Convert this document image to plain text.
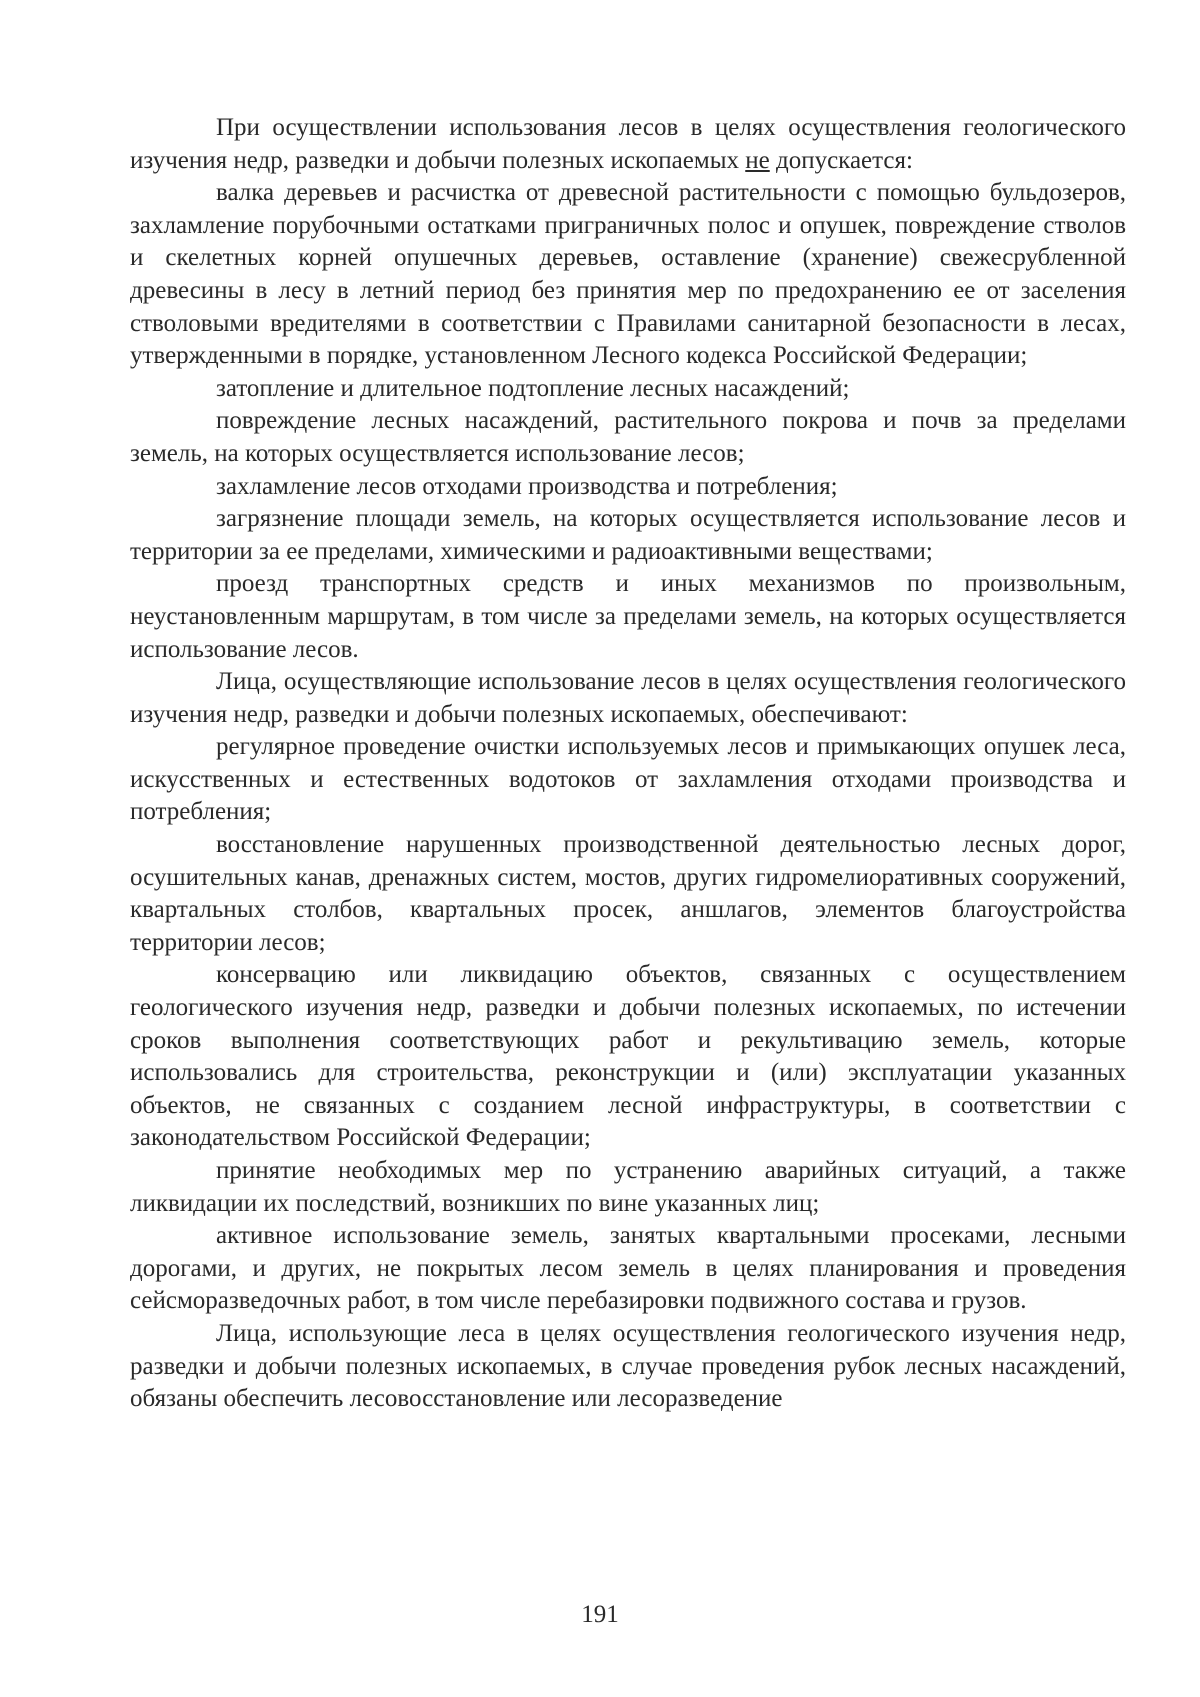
При осуществлении использования лесов в целях осуществления геологического изучения недр, разведки и добычи полезных ископаемых не допускается:

валка деревьев и расчистка от древесной растительности с помощью бульдозеров, захламление порубочными остатками приграничных полос и опушек, повреждение стволов и скелетных корней опушечных деревьев, оставление (хранение) свежесрубленной древесины в лесу в летний период без принятия мер по предохранению ее от заселения стволовыми вредителями в соответствии с Правилами санитарной безопасности в лесах, утвержденными в порядке, установленном Лесного кодекса Российской Федерации;

затопление и длительное подтопление лесных насаждений;

повреждение лесных насаждений, растительного покрова и почв за пределами земель, на которых осуществляется использование лесов;

захламление лесов отходами производства и потребления;

загрязнение площади земель, на которых осуществляется использование лесов и территории за ее пределами, химическими и радиоактивными веществами;

проезд транспортных средств и иных механизмов по произвольным, неустановленным маршрутам, в том числе за пределами земель, на которых осуществляется использование лесов.

Лица, осуществляющие использование лесов в целях осуществления геологического изучения недр, разведки и добычи полезных ископаемых, обеспечивают:

регулярное проведение очистки используемых лесов и примыкающих опушек леса, искусственных и естественных водотоков от захламления отходами производства и потребления;

восстановление нарушенных производственной деятельностью лесных дорог, осушительных канав, дренажных систем, мостов, других гидромелиоративных сооружений, квартальных столбов, квартальных просек, аншлагов, элементов благоустройства территории лесов;

консервацию или ликвидацию объектов, связанных с осуществлением геологического изучения недр, разведки и добычи полезных ископаемых, по истечении сроков выполнения соответствующих работ и рекультивацию земель, которые использовались для строительства, реконструкции и (или) эксплуатации указанных объектов, не связанных с созданием лесной инфраструктуры, в соответствии с законодательством Российской Федерации;

принятие необходимых мер по устранению аварийных ситуаций, а также ликвидации их последствий, возникших по вине указанных лиц;

активное использование земель, занятых квартальными просеками, лесными дорогами, и других, не покрытых лесом земель в целях планирования и проведения сейсморазведочных работ, в том числе перебазировки подвижного состава и грузов.

Лица, использующие леса в целях осуществления геологического изучения недр, разведки и добычи полезных ископаемых, в случае проведения рубок лесных насаждений, обязаны обеспечить лесовосстановление или лесоразведение

191
